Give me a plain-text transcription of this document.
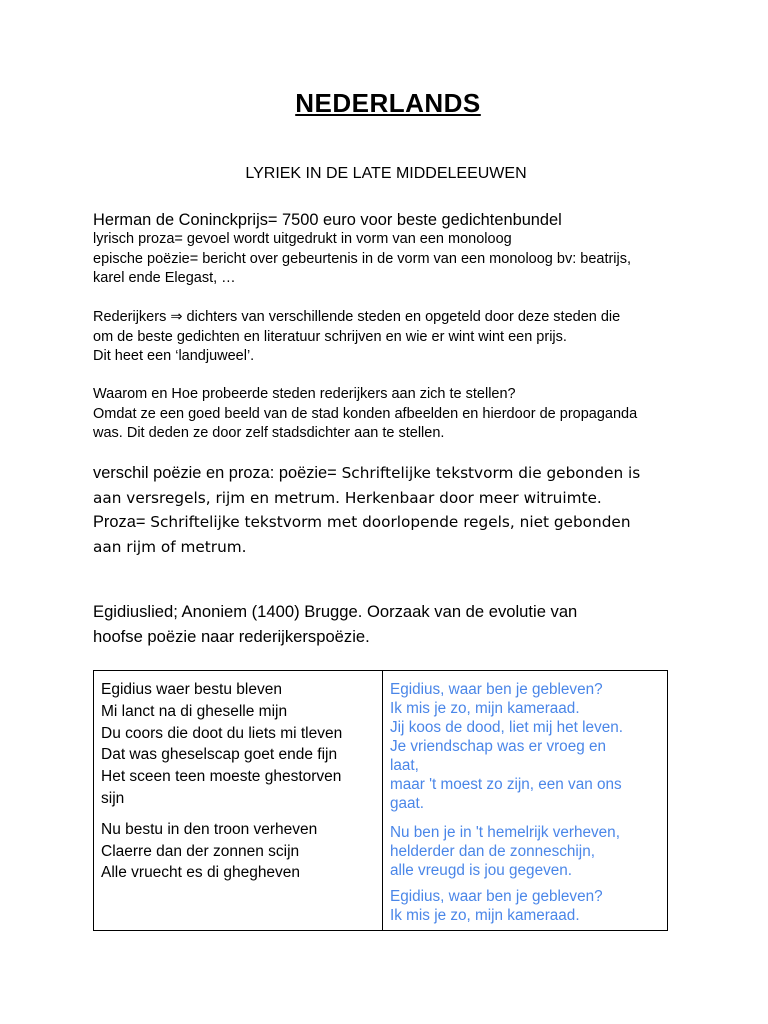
NEDERLANDS
LYRIEK IN DE LATE MIDDELEEUWEN
Herman de Coninckprijs= 7500 euro voor beste gedichtenbundel
lyrisch proza= gevoel wordt uitgedrukt in vorm van een monoloog
epische poëzie= bericht over gebeurtenis in de vorm van een monoloog bv: beatrijs,
karel ende Elegast, …
Rederijkers ⇒ dichters van verschillende steden en opgeteld door deze steden die
om de beste gedichten en literatuur schrijven en wie er wint wint een prijs.
Dit heet een ‘landjuweel’.
Waarom en Hoe probeerde steden rederijkers aan zich te stellen?
Omdat ze een goed beeld van de stad konden afbeelden en hierdoor de propaganda
was. Dit deden ze door zelf stadsdichter aan te stellen.
verschil poëzie en proza: poëzie= Schriftelijke tekstvorm die gebonden is
aan versregels, rijm en metrum. Herkenbaar door meer witruimte.
Proza= Schriftelijke tekstvorm met doorlopende regels, niet gebonden
aan rijm of metrum.
Egidiuslied; Anoniem (1400) Brugge. Oorzaak van de evolutie van
hoofse poëzie naar rederijkerspoëzie.
Egidius waer bestu bleven
Mi lanct na di gheselle mijn
Du coors die doot du liets mi tleven
Dat was gheselscap goet ende fijn
Het sceen teen moeste ghestorven
sijn
Nu bestu in den troon verheven
Claerre dan der zonnen scijn
Alle vruecht es di ghegheven
Egidius, waar ben je gebleven?
Ik mis je zo, mijn kameraad.
Jij koos de dood, liet mij het leven.
Je vriendschap was er vroeg en
laat,
maar 't moest zo zijn, een van ons
gaat.
Nu ben je in 't hemelrijk verheven,
helderder dan de zonneschijn,
alle vreugd is jou gegeven.
Egidius, waar ben je gebleven?
Ik mis je zo, mijn kameraad.
